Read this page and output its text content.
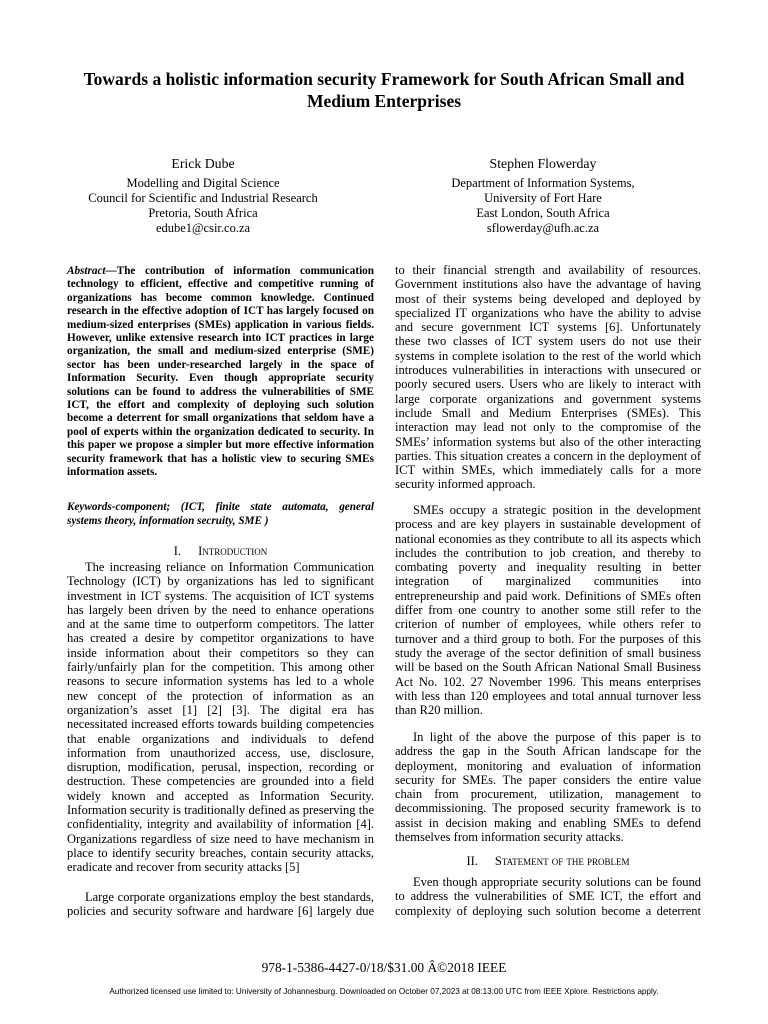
Towards a holistic information security Framework for South African Small and
Medium Enterprises
Erick Dube
Modelling and Digital Science
Council for Scientific and Industrial Research
Pretoria, South Africa
edube1@csir.co.za
Stephen Flowerday
Department of Information Systems,
University of Fort Hare
East London, South Africa
sflowerday@ufh.ac.za
Abstract—The contribution of information communication
technology to efficient, effective and competitive running of
organizations has become common knowledge. Continued
research in the effective adoption of ICT has largely focused on
medium-sized enterprises (SMEs) application in various fields.
However, unlike extensive research into ICT practices in large
organization, the small and medium-sized enterprise (SME)
sector has been under-researched largely in the space of
Information Security. Even though appropriate security
solutions can be found to address the vulnerabilities of SME
ICT, the effort and complexity of deploying such solution
become a deterrent for small organizations that seldom have a
pool of experts within the organization dedicated to security. In
this paper we propose a simpler but more effective information
security framework that has a holistic view to securing SMEs
information assets.
Keywords-component; (ICT, finite state automata, general
systems theory, information secruity, SME )
I. Introduction
The increasing reliance on Information Communication
Technology (ICT) by organizations has led to significant
investment in ICT systems. The acquisition of ICT systems
has largely been driven by the need to enhance operations
and at the same time to outperform competitors. The latter
has created a desire by competitor organizations to have
inside information about their competitors so they can
fairly/unfairly plan for the competition. This among other
reasons to secure information systems has led to a whole
new concept of the protection of information as an
organization’s asset [1] [2] [3]. The digital era has
necessitated increased efforts towards building competencies
that enable organizations and individuals to defend
information from unauthorized access, use, disclosure,
disruption, modification, perusal, inspection, recording or
destruction. These competencies are grounded into a field
widely known and accepted as Information Security.
Information security is traditionally defined as preserving the
confidentiality, integrity and availability of information [4].
Organizations regardless of size need to have mechanism in
place to identify security breaches, contain security attacks,
eradicate and recover from security attacks [5]
Large corporate organizations employ the best standards,
policies and security software and hardware [6] largely due
to their financial strength and availability of resources.
Government institutions also have the advantage of having
most of their systems being developed and deployed by
specialized IT organizations who have the ability to advise
and secure government ICT systems [6]. Unfortunately
these two classes of ICT system users do not use their
systems in complete isolation to the rest of the world which
introduces vulnerabilities in interactions with unsecured or
poorly secured users. Users who are likely to interact with
large corporate organizations and government systems
include Small and Medium Enterprises (SMEs). This
interaction may lead not only to the compromise of the
SMEs’ information systems but also of the other interacting
parties. This situation creates a concern in the deployment of
ICT within SMEs, which immediately calls for a more
security informed approach.
SMEs occupy a strategic position in the development
process and are key players in sustainable development of
national economies as they contribute to all its aspects which
includes the contribution to job creation, and thereby to
combating poverty and inequality resulting in better
integration of marginalized communities into
entrepreneurship and paid work. Definitions of SMEs often
differ from one country to another some still refer to the
criterion of number of employees, while others refer to
turnover and a third group to both. For the purposes of this
study the average of the sector definition of small business
will be based on the South African National Small Business
Act No. 102. 27 November 1996. This means enterprises
with less than 120 employees and total annual turnover less
than R20 million.
In light of the above the purpose of this paper is to
address the gap in the South African landscape for the
deployment, monitoring and evaluation of information
security for SMEs. The paper considers the entire value
chain from procurement, utilization, management to
decommissioning. The proposed security framework is to
assist in decision making and enabling SMEs to defend
themselves from information security attacks.
II. Statement of the problem
Even though appropriate security solutions can be found
to address the vulnerabilities of SME ICT, the effort and
complexity of deploying such solution become a deterrent
978-1-5386-4427-0/18/$31.00 Â©2018 IEEE
Authorized licensed use limited to: University of Johannesburg. Downloaded on October 07,2023 at 08:13:00 UTC from IEEE Xplore. Restrictions apply.
